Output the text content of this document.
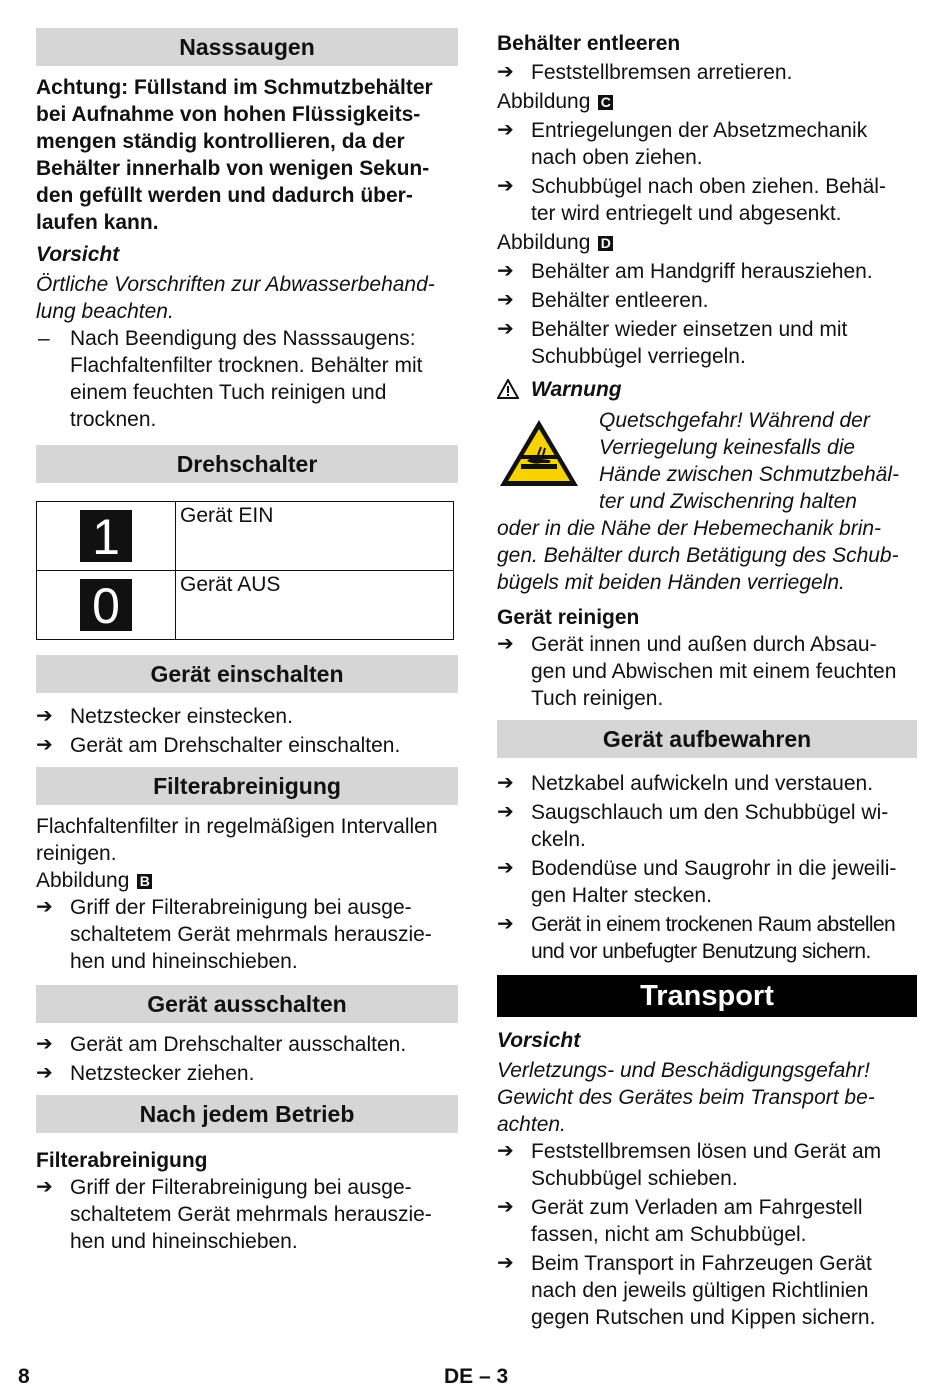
Nasssaugen

Achtung: Füllstand im Schmutzbehälter
bei Aufnahme von hohen Flüssigkeits-
mengen ständig kontrollieren, da der
Behälter innerhalb von wenigen Sekun-
den gefüllt werden und dadurch über-
laufen kann.

Vorsicht

Örtliche Vorschriften zur Abwasserbehand-
lung beachten.

– Nach Beendigung des Nasssaugens:
Flachfaltenfilter trocknen. Behälter mit
einem feuchten Tuch reinigen und
trocknen.

Drehschalter
1	Gerät EIN
0	Gerät AUS
Gerät einschalten

➔ Netzstecker einstecken.

➔ Gerät am Drehschalter einschalten.

Filterabreinigung

Flachfaltenfilter in regelmäßigen Intervallen
reinigen.

Abbildung B

➔ Griff der Filterabreinigung bei ausge-
schaltetem Gerät mehrmals herauszie-
hen und hineinschieben.

Gerät ausschalten

➔ Gerät am Drehschalter ausschalten.

➔ Netzstecker ziehen.

Nach jedem Betrieb

Filterabreinigung

➔ Griff der Filterabreinigung bei ausge-
schaltetem Gerät mehrmals herauszie-
hen und hineinschieben.

Behälter entleeren

➔ Feststellbremsen arretieren.

Abbildung C

➔ Entriegelungen der Absetzmechanik
nach oben ziehen.

➔ Schubbügel nach oben ziehen. Behäl-
ter wird entriegelt und abgesenkt.

Abbildung D

➔ Behälter am Handgriff herausziehen.

➔ Behälter entleeren.

➔ Behälter wieder einsetzen und mit
Schubbügel verriegeln.

Warnung

Quetschgefahr! Während der
Verriegelung keinesfalls die
Hände zwischen Schmutzbehäl-
ter und Zwischenring halten

oder in die Nähe der Hebemechanik brin-
gen. Behälter durch Betätigung des Schub-
bügels mit beiden Händen verriegeln.

Gerät reinigen

➔ Gerät innen und außen durch Absau-
gen und Abwischen mit einem feuchten
Tuch reinigen.

Gerät aufbewahren

➔ Netzkabel aufwickeln und verstauen.

➔ Saugschlauch um den Schubbügel wi-
ckeln.

➔ Bodendüse und Saugrohr in die jeweili-
gen Halter stecken.

➔ Gerät in einem trockenen Raum abstellen
und vor unbefugter Benutzung sichern.

Transport

Vorsicht

Verletzungs- und Beschädigungsgefahr!
Gewicht des Gerätes beim Transport be-
achten.

➔ Feststellbremsen lösen und Gerät am
Schubbügel schieben.

➔ Gerät zum Verladen am Fahrgestell
fassen, nicht am Schubbügel.

➔ Beim Transport in Fahrzeugen Gerät
nach den jeweils gültigen Richtlinien
gegen Rutschen und Kippen sichern.

8	DE – 3
